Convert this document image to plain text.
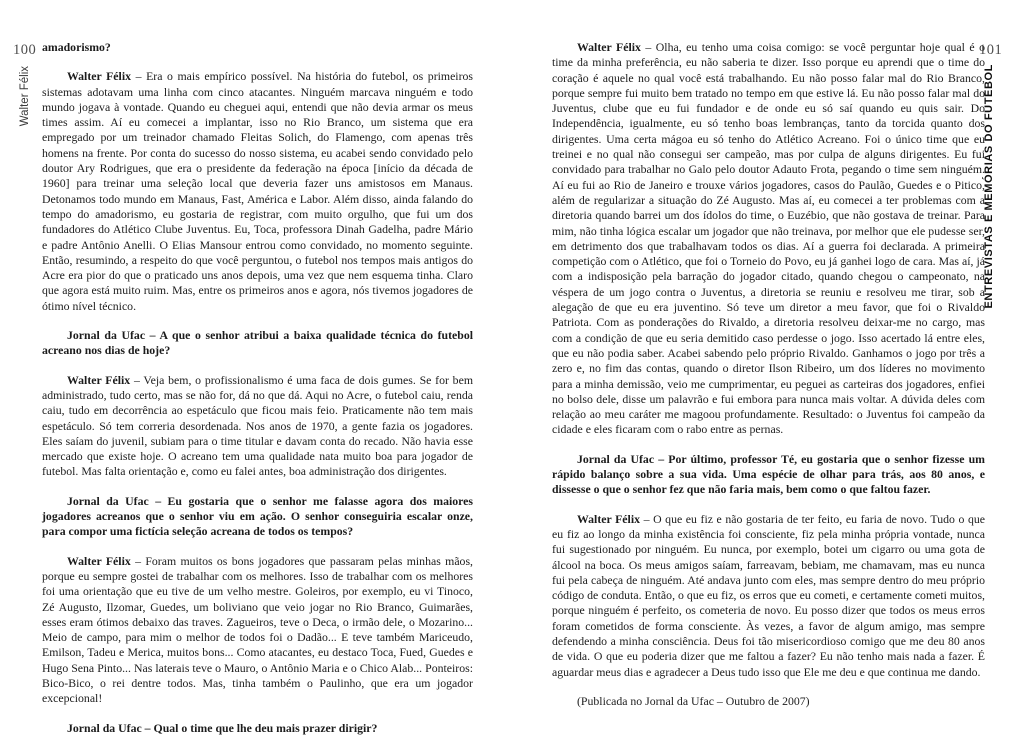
100
Walter Félix

amadorismo?

Walter Félix – Era o mais empírico possível. Na história do futebol, os primeiros sistemas adotavam uma linha com cinco atacantes. Ninguém marcava ninguém e todo mundo jogava à vontade. Quando eu cheguei aqui, entendi que não devia armar os meus times assim. Aí eu comecei a implantar, isso no Rio Branco, um sistema que era empregado por um treinador chamado Fleitas Solich, do Flamengo, com apenas três homens na frente. Por conta do sucesso do nosso sistema, eu acabei sendo convidado pelo doutor Ary Rodrigues, que era o presidente da federação na época [início da década de 1960] para treinar uma seleção local que deveria fazer uns amistosos em Manaus. Detonamos todo mundo em Manaus, Fast, América e Labor. Além disso, ainda falando do tempo do amadorismo, eu gostaria de registrar, com muito orgulho, que fui um dos fundadores do Atlético Clube Juventus. Eu, Toca, professora Dinah Gadelha, padre Mário e padre Antônio Anelli. O Elias Mansour entrou como convidado, no momento seguinte. Então, resumindo, a respeito do que você perguntou, o futebol nos tempos mais antigos do Acre era pior do que o praticado uns anos depois, uma vez que nem esquema tinha. Claro que agora está muito ruim. Mas, entre os primeiros anos e agora, nós tivemos jogadores de ótimo nível técnico.

Jornal da Ufac – A que o senhor atribui a baixa qualidade técnica do futebol acreano nos dias de hoje?

Walter Félix – Veja bem, o profissionalismo é uma faca de dois gumes. Se for bem administrado, tudo certo, mas se não for, dá no que dá. Aqui no Acre, o futebol caiu, renda caiu, tudo em decorrência ao espetáculo que ficou mais feio. Praticamente não tem mais espetáculo. Só tem correria desordenada. Nos anos de 1970, a gente fazia os jogadores. Eles saíam do juvenil, subiam para o time titular e davam conta do recado. Não havia esse mercado que existe hoje. O acreano tem uma qualidade nata muito boa para jogador de futebol. Mas falta orientação e, como eu falei antes, boa administração dos dirigentes.

Jornal da Ufac – Eu gostaria que o senhor me falasse agora dos maiores jogadores acreanos que o senhor viu em ação. O senhor conseguiria escalar onze, para compor uma fictícia seleção acreana de todos os tempos?

Walter Félix – Foram muitos os bons jogadores que passaram pelas minhas mãos, porque eu sempre gostei de trabalhar com os melhores. Isso de trabalhar com os melhores foi uma orientação que eu tive de um velho mestre. Goleiros, por exemplo, eu vi Tinoco, Zé Augusto, Ilzomar, Guedes, um boliviano que veio jogar no Rio Branco, Guimarães, esses eram ótimos debaixo das traves. Zagueiros, teve o Deca, o irmão dele, o Mozarino... Meio de campo, para mim o melhor de todos foi o Dadão... E teve também Mariceudo, Emilson, Tadeu e Merica, muitos bons... Como atacantes, eu destaco Toca, Fued, Guedes e Hugo Sena Pinto... Nas laterais teve o Mauro, o Antônio Maria e o Chico Alab... Ponteiros: Bico-Bico, o rei dentre todos. Mas, tinha também o Paulinho, que era um jogador excepcional!

Jornal da Ufac – Qual o time que lhe deu mais prazer dirigir?

Walter Félix – Olha, eu tenho uma coisa comigo: se você perguntar hoje qual é o time da minha preferência, eu não saberia te dizer. Isso porque eu aprendi que o time do coração é aquele no qual você está trabalhando. Eu não posso falar mal do Rio Branco, porque sempre fui muito bem tratado no tempo em que estive lá. Eu não posso falar mal do Juventus, clube que eu fui fundador e de onde eu só saí quando eu quis sair. Do Independência, igualmente, eu só tenho boas lembranças, tanto da torcida quanto dos dirigentes. Uma certa mágoa eu só tenho do Atlético Acreano. Foi o único time que eu treinei e no qual não consegui ser campeão, mas por culpa de alguns dirigentes. Eu fui convidado para trabalhar no Galo pelo doutor Adauto Frota, pegando o time sem ninguém. Aí eu fui ao Rio de Janeiro e trouxe vários jogadores, casos do Paulão, Guedes e o Pitico, além de regularizar a situação do Zé Augusto. Mas aí, eu comecei a ter problemas com a diretoria quando barrei um dos ídolos do time, o Euzébio, que não gostava de treinar. Para mim, não tinha lógica escalar um jogador que não treinava, por melhor que ele pudesse ser, em detrimento dos que trabalhavam todos os dias. Aí a guerra foi declarada. A primeira competição com o Atlético, que foi o Torneio do Povo, eu já ganhei logo de cara. Mas aí, já com a indisposição pela barração do jogador citado, quando chegou o campeonato, na véspera de um jogo contra o Juventus, a diretoria se reuniu e resolveu me tirar, sob a alegação de que eu era juventino. Só teve um diretor a meu favor, que foi o Rivaldo Patriota. Com as ponderações do Rivaldo, a diretoria resolveu deixar-me no cargo, mas com a condição de que eu seria demitido caso perdesse o jogo. Isso acertado lá entre eles, que eu não podia saber. Acabei sabendo pelo próprio Rivaldo. Ganhamos o jogo por três a zero e, no fim das contas, quando o diretor Ilson Ribeiro, um dos líderes no movimento para a minha demissão, veio me cumprimentar, eu peguei as carteiras dos jogadores, enfiei no bolso dele, disse um palavrão e fui embora para nunca mais voltar. A dúvida deles com relação ao meu caráter me magoou profundamente. Resultado: o Juventus foi campeão da cidade e eles ficaram com o rabo entre as pernas.

Jornal da Ufac – Por último, professor Té, eu gostaria que o senhor fizesse um rápido balanço sobre a sua vida. Uma espécie de olhar para trás, aos 80 anos, e dissesse o que o senhor fez que não faria mais, bem como o que faltou fazer.

Walter Félix – O que eu fiz e não gostaria de ter feito, eu faria de novo. Tudo o que eu fiz ao longo da minha existência foi consciente, fiz pela minha própria vontade, nunca fui sugestionado por ninguém. Eu nunca, por exemplo, botei um cigarro ou uma gota de álcool na boca. Os meus amigos saíam, farreavam, bebiam, me chamavam, mas eu nunca fui pela cabeça de ninguém. Até andava junto com eles, mas sempre dentro do meu próprio código de conduta. Então, o que eu fiz, os erros que eu cometi, e certamente cometi muitos, porque ninguém é perfeito, os cometeria de novo. Eu posso dizer que todos os meus erros foram cometidos de forma consciente. Às vezes, a favor de algum amigo, mas sempre defendendo a minha consciência. Deus foi tão misericordioso comigo que me deu 80 anos de vida. O que eu poderia dizer que me faltou a fazer? Eu não tenho mais nada a fazer. É aguardar meus dias e agradecer a Deus tudo isso que Ele me deu e que continua me dando.

(Publicada no Jornal da Ufac – Outubro de 2007)

101
ENTREVISTAS E MEMÓRIAS DO FUTEBOL
